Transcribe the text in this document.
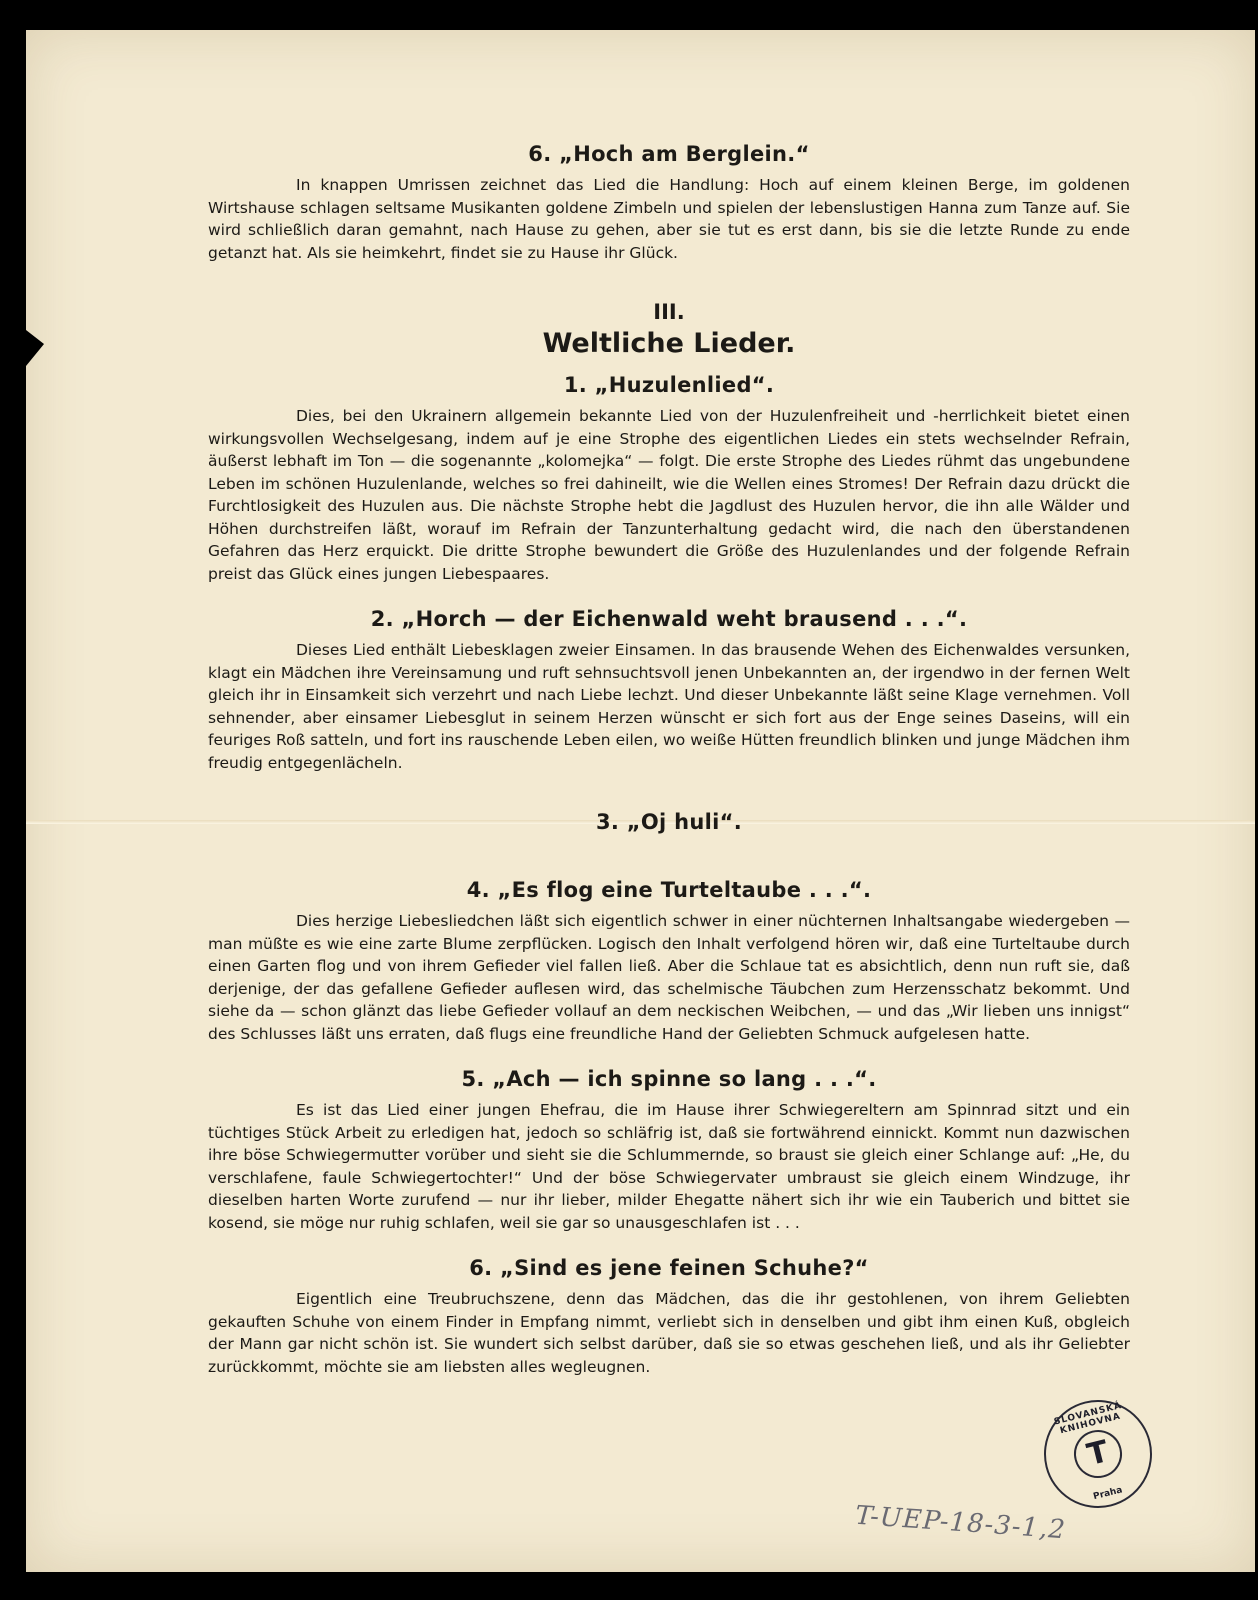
6. „Hoch am Berglein.“

In knappen Umrissen zeichnet das Lied die Handlung: Hoch auf einem kleinen Berge, im goldenen Wirtshause schlagen seltsame Musikanten goldene Zimbeln und spielen der lebenslustigen Hanna zum Tanze auf. Sie wird schließlich daran gemahnt, nach Hause zu gehen, aber sie tut es erst dann, bis sie die letzte Runde zu ende getanzt hat. Als sie heimkehrt, findet sie zu Hause ihr Glück.

III.
Weltliche Lieder.
1. „Huzulenlied“.

Dies, bei den Ukrainern allgemein bekannte Lied von der Huzulenfreiheit und -herrlichkeit bietet einen wirkungsvollen Wechselgesang, indem auf je eine Strophe des eigentlichen Liedes ein stets wechselnder Refrain, äußerst lebhaft im Ton — die sogenannte „kolomejka“ — folgt. Die erste Strophe des Liedes rühmt das ungebundene Leben im schönen Huzulenlande, welches so frei dahineilt, wie die Wellen eines Stromes! Der Refrain dazu drückt die Furchtlosigkeit des Huzulen aus. Die nächste Strophe hebt die Jagdlust des Huzulen hervor, die ihn alle Wälder und Höhen durchstreifen läßt, worauf im Refrain der Tanzunterhaltung gedacht wird, die nach den überstandenen Gefahren das Herz erquickt. Die dritte Strophe bewundert die Größe des Huzulenlandes und der folgende Refrain preist das Glück eines jungen Liebespaares.

2. „Horch — der Eichenwald weht brausend . . .“.

Dieses Lied enthält Liebesklagen zweier Einsamen. In das brausende Wehen des Eichenwaldes versunken, klagt ein Mädchen ihre Vereinsamung und ruft sehnsuchtsvoll jenen Unbekannten an, der irgendwo in der fernen Welt gleich ihr in Einsamkeit sich verzehrt und nach Liebe lechzt. Und dieser Unbekannte läßt seine Klage vernehmen. Voll sehnender, aber einsamer Liebesglut in seinem Herzen wünscht er sich fort aus der Enge seines Daseins, will ein feuriges Roß satteln, und fort ins rauschende Leben eilen, wo weiße Hütten freundlich blinken und junge Mädchen ihm freudig entgegenlächeln.

3. „Oj huli“.
4. „Es flog eine Turteltaube . . .“.

Dies herzige Liebesliedchen läßt sich eigentlich schwer in einer nüchternen Inhaltsangabe wiedergeben — man müßte es wie eine zarte Blume zerpflücken. Logisch den Inhalt verfolgend hören wir, daß eine Turteltaube durch einen Garten flog und von ihrem Gefieder viel fallen ließ. Aber die Schlaue tat es absichtlich, denn nun ruft sie, daß derjenige, der das gefallene Gefieder auflesen wird, das schelmische Täubchen zum Herzensschatz bekommt. Und siehe da — schon glänzt das liebe Gefieder vollauf an dem neckischen Weibchen, — und das „Wir lieben uns innigst“ des Schlusses läßt uns erraten, daß flugs eine freundliche Hand der Geliebten Schmuck aufgelesen hatte.

5. „Ach — ich spinne so lang . . .“.

Es ist das Lied einer jungen Ehefrau, die im Hause ihrer Schwiegereltern am Spinnrad sitzt und ein tüchtiges Stück Arbeit zu erledigen hat, jedoch so schläfrig ist, daß sie fortwährend einnickt. Kommt nun dazwischen ihre böse Schwiegermutter vorüber und sieht sie die Schlummernde, so braust sie gleich einer Schlange auf: „He, du verschlafene, faule Schwiegertochter!“ Und der böse Schwiegervater umbraust sie gleich einem Windzuge, ihr dieselben harten Worte zurufend — nur ihr lieber, milder Ehegatte nähert sich ihr wie ein Tauberich und bittet sie kosend, sie möge nur ruhig schlafen, weil sie gar so unausgeschlafen ist . . .

6. „Sind es jene feinen Schuhe?“

Eigentlich eine Treubruchszene, denn das Mädchen, das die ihr gestohlenen, von ihrem Geliebten gekauften Schuhe von einem Finder in Empfang nimmt, verliebt sich in denselben und gibt ihm einen Kuß, obgleich der Mann gar nicht schön ist. Sie wundert sich selbst darüber, daß sie so etwas geschehen ließ, und als ihr Geliebter zurückkommt, möchte sie am liebsten alles wegleugnen.

SLOVANSKÁ KNIHOVNA
T
Praha
T-UEP-18-3-1,2
